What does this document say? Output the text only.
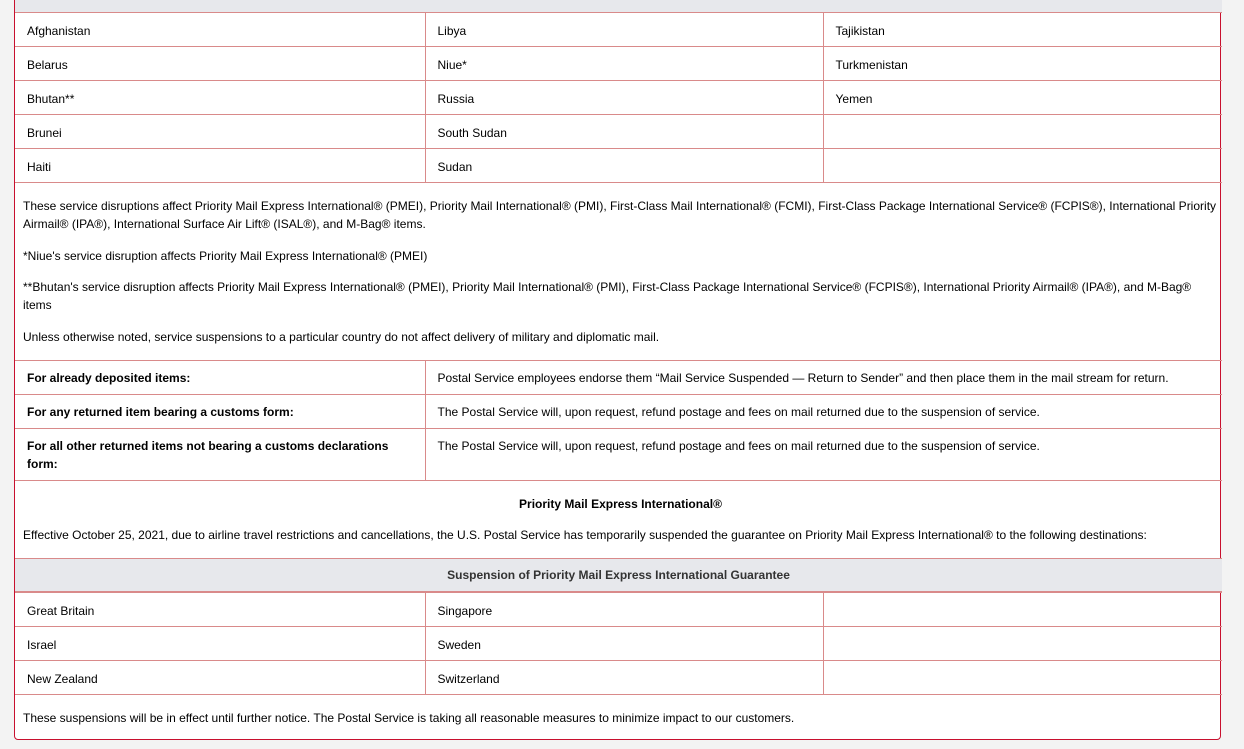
Afghanistan	Libya	Tajikistan
Belarus	Niue*	Turkmenistan
Bhutan**	Russia	Yemen
Brunei	South Sudan	
Haiti	Sudan	
These service disruptions affect Priority Mail Express International® (PMEI), Priority Mail International® (PMI), First-Class Mail International® (FCMI), First-Class Package International Service® (FCPIS®), International Priority Airmail® (IPA®), International Surface Air Lift® (ISAL®), and M-Bag® items.
*Niue's service disruption affects Priority Mail Express International® (PMEI)
**Bhutan's service disruption affects Priority Mail Express International® (PMEI), Priority Mail International® (PMI), First-Class Package International Service® (FCPIS®), International Priority Airmail® (IPA®), and M-Bag® items
Unless otherwise noted, service suspensions to a particular country do not affect delivery of military and diplomatic mail.
For already deposited items:	Postal Service employees endorse them “Mail Service Suspended — Return to Sender” and then place them in the mail stream for return.
For any returned item bearing a customs form:	The Postal Service will, upon request, refund postage and fees on mail returned due to the suspension of service.
For all other returned items not bearing a customs declarations form:	The Postal Service will, upon request, refund postage and fees on mail returned due to the suspension of service.
Priority Mail Express International®
Effective October 25, 2021, due to airline travel restrictions and cancellations, the U.S. Postal Service has temporarily suspended the guarantee on Priority Mail Express International® to the following destinations:
Suspension of Priority Mail Express International Guarantee
Great Britain	Singapore	
Israel	Sweden	
New Zealand	Switzerland	
These suspensions will be in effect until further notice. The Postal Service is taking all reasonable measures to minimize impact to our customers.
